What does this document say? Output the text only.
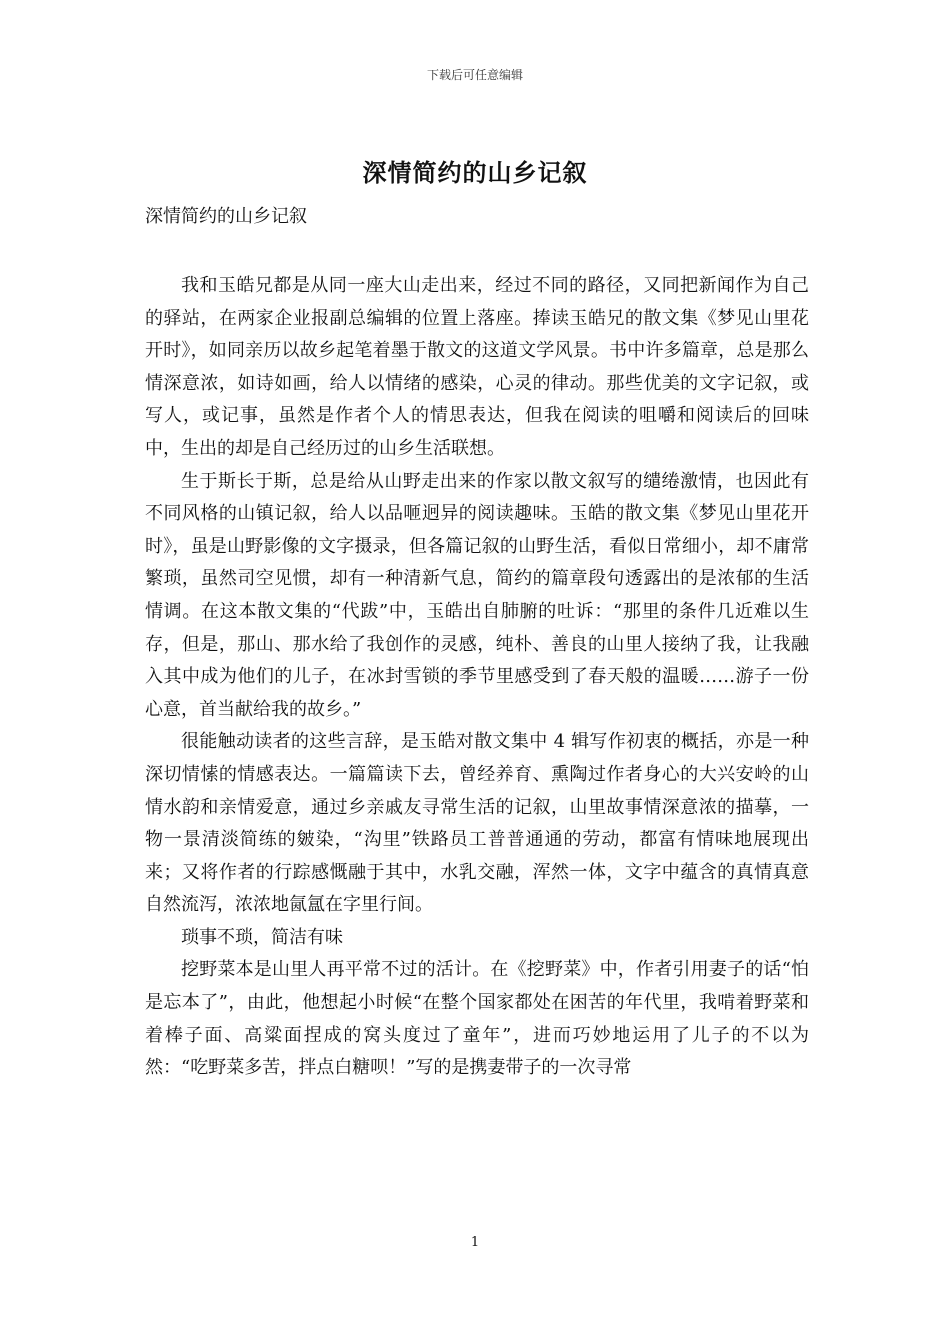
下载后可任意编辑
深情简约的山乡记叙
深情简约的山乡记叙

我和玉皓兄都是从同一座大山走出来，经过不同的路径，又同把新闻作为自己的驿站，在两家企业报副总编辑的位置上落座。捧读玉皓兄的散文集《梦见山里花开时》，如同亲历以故乡起笔着墨于散文的这道文学风景。书中许多篇章，总是那么情深意浓，如诗如画，给人以情绪的感染，心灵的律动。那些优美的文字记叙，或写人，或记事，虽然是作者个人的情思表达，但我在阅读的咀嚼和阅读后的回味中，生出的却是自己经历过的山乡生活联想。

生于斯长于斯，总是给从山野走出来的作家以散文叙写的缱绻激情，也因此有不同风格的山镇记叙，给人以品咂迥异的阅读趣味。玉皓的散文集《梦见山里花开时》，虽是山野影像的文字摄录，但各篇记叙的山野生活，看似日常细小，却不庸常繁琐，虽然司空见惯，却有一种清新气息，简约的篇章段句透露出的是浓郁的生活情调。在这本散文集的“代跋”中，玉皓出自肺腑的吐诉：“那里的条件几近难以生存，但是，那山、那水给了我创作的灵感，纯朴、善良的山里人接纳了我，让我融入其中成为他们的儿子，在冰封雪锁的季节里感受到了春天般的温暖……游子一份心意，首当献给我的故乡。”

很能触动读者的这些言辞，是玉皓对散文集中 4 辑写作初衷的概括，亦是一种深切情愫的情感表达。一篇篇读下去，曾经养育、熏陶过作者身心的大兴安岭的山情水韵和亲情爱意，通过乡亲戚友寻常生活的记叙，山里故事情深意浓的描摹，一物一景清淡简练的皴染，“沟里”铁路员工普普通通的劳动，都富有情味地展现出来；又将作者的行踪感慨融于其中，水乳交融，浑然一体，文字中蕴含的真情真意自然流泻，浓浓地氤氲在字里行间。

琐事不琐，简洁有味

挖野菜本是山里人再平常不过的活计。在《挖野菜》中，作者引用妻子的话“怕是忘本了”，由此，他想起小时候“在整个国家都处在困苦的年代里，我啃着野菜和着棒子面、高粱面捏成的窝头度过了童年”，进而巧妙地运用了儿子的不以为然：“吃野菜多苦，拌点白糖呗！”写的是携妻带子的一次寻常

1
